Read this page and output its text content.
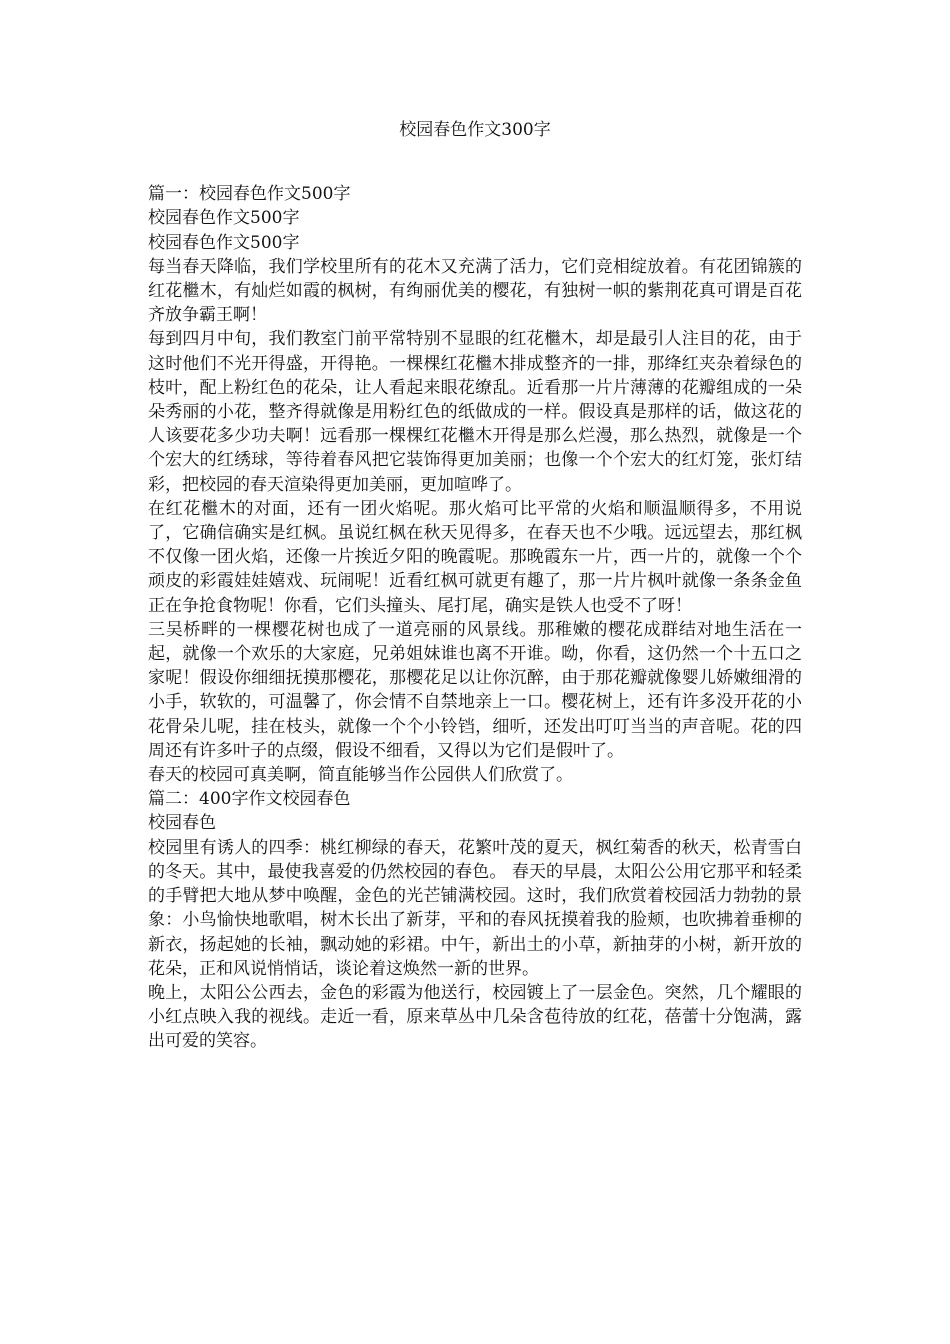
校园春色作文300字
篇一：校园春色作文500字
校园春色作文500字
校园春色作文500字
每当春天降临，我们学校里所有的花木又充满了活力，它们竞相绽放着。有花团锦簇的红花檵木，有灿烂如霞的枫树，有绚丽优美的樱花，有独树一帜的紫荆花真可谓是百花齐放争霸王啊！
每到四月中旬，我们教室门前平常特别不显眼的红花檵木，却是最引人注目的花，由于这时他们不光开得盛，开得艳。一棵棵红花檵木排成整齐的一排，那绛红夹杂着绿色的枝叶，配上粉红色的花朵，让人看起来眼花缭乱。近看那一片片薄薄的花瓣组成的一朵朵秀丽的小花，整齐得就像是用粉红色的纸做成的一样。假设真是那样的话，做这花的人该要花多少功夫啊！远看那一棵棵红花檵木开得是那么烂漫，那么热烈，就像是一个个宏大的红绣球，等待着春风把它装饰得更加美丽；也像一个个宏大的红灯笼，张灯结彩，把校园的春天渲染得更加美丽，更加喧哗了。
在红花檵木的对面，还有一团火焰呢。那火焰可比平常的火焰和顺温顺得多，不用说了，它确信确实是红枫。虽说红枫在秋天见得多，在春天也不少哦。远远望去，那红枫不仅像一团火焰，还像一片挨近夕阳的晚霞呢。那晚霞东一片，西一片的，就像一个个顽皮的彩霞娃娃嬉戏、玩闹呢！近看红枫可就更有趣了，那一片片枫叶就像一条条金鱼正在争抢食物呢！你看，它们头撞头、尾打尾，确实是铁人也受不了呀！
三吴桥畔的一棵樱花树也成了一道亮丽的风景线。那稚嫩的樱花成群结对地生活在一起，就像一个欢乐的大家庭，兄弟姐妹谁也离不开谁。呦，你看，这仍然一个十五口之家呢！假设你细细抚摸那樱花，那樱花足以让你沉醉，由于那花瓣就像婴儿娇嫩细滑的小手，软软的，可温馨了，你会情不自禁地亲上一口。樱花树上，还有许多没开花的小花骨朵儿呢，挂在枝头，就像一个个小铃铛，细听，还发出叮叮当当的声音呢。花的四周还有许多叶子的点缀，假设不细看，又得以为它们是假叶了。
春天的校园可真美啊，简直能够当作公园供人们欣赏了。
篇二：400字作文校园春色
校园春色
校园里有诱人的四季：桃红柳绿的春天，花繁叶茂的夏天，枫红菊香的秋天，松青雪白的冬天。其中，最使我喜爱的仍然校园的春色。 春天的早晨，太阳公公用它那平和轻柔的手臂把大地从梦中唤醒，金色的光芒铺满校园。这时，我们欣赏着校园活力勃勃的景象：小鸟愉快地歌唱，树木长出了新芽，平和的春风抚摸着我的脸颊，也吹拂着垂柳的新衣，扬起她的长袖，飘动她的彩裙。中午，新出土的小草，新抽芽的小树，新开放的花朵，正和风说悄悄话，谈论着这焕然一新的世界。
晚上，太阳公公西去，金色的彩霞为他送行，校园镀上了一层金色。突然，几个耀眼的小红点映入我的视线。走近一看，原来草丛中几朵含苞待放的红花，蓓蕾十分饱满，露出可爱的笑容。
